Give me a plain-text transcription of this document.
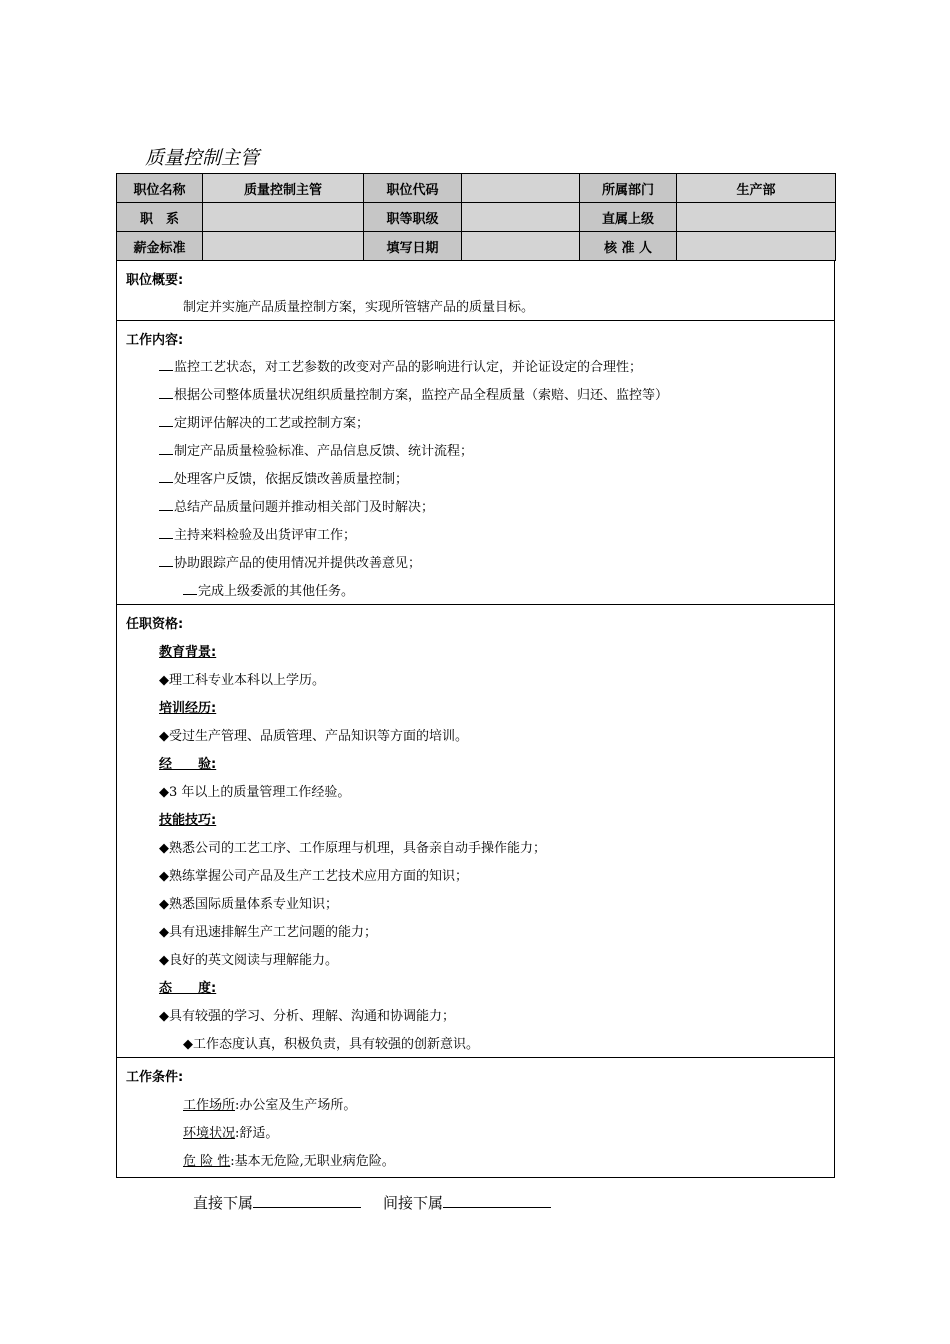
质量控制主管
职位名称	质量控制主管	职位代码		所属部门	生产部
职　系		职等职级		直属上级	
薪金标准		填写日期		核 准 人	
职位概要:
制定并实施产品质量控制方案，实现所管辖产品的质量目标。
工作内容:
监控工艺状态，对工艺参数的改变对产品的影响进行认定，并论证设定的合理性；
根据公司整体质量状况组织质量控制方案，监控产品全程质量（索赔、归还、监控等）
定期评估解决的工艺或控制方案；
制定产品质量检验标准、产品信息反馈、统计流程；
处理客户反馈，依据反馈改善质量控制；
总结产品质量问题并推动相关部门及时解决；
主持来料检验及出货评审工作；
协助跟踪产品的使用情况并提供改善意见；
完成上级委派的其他任务。
任职资格:
教育背景:
◆理工科专业本科以上学历。
培训经历:
◆受过生产管理、品质管理、产品知识等方面的培训。
经　　验:
◆3 年以上的质量管理工作经验。
技能技巧:
◆熟悉公司的工艺工序、工作原理与机理，具备亲自动手操作能力；
◆熟练掌握公司产品及生产工艺技术应用方面的知识；
◆熟悉国际质量体系专业知识；
◆具有迅速排解生产工艺问题的能力；
◆良好的英文阅读与理解能力。
态　　度:
◆具有较强的学习、分析、理解、沟通和协调能力；
◆工作态度认真，积极负责，具有较强的创新意识。
工作条件:
工作场所:办公室及生产场所。
环境状况:舒适。
危 险 性:基本无危险,无职业病危险。
直接下属	间接下属
